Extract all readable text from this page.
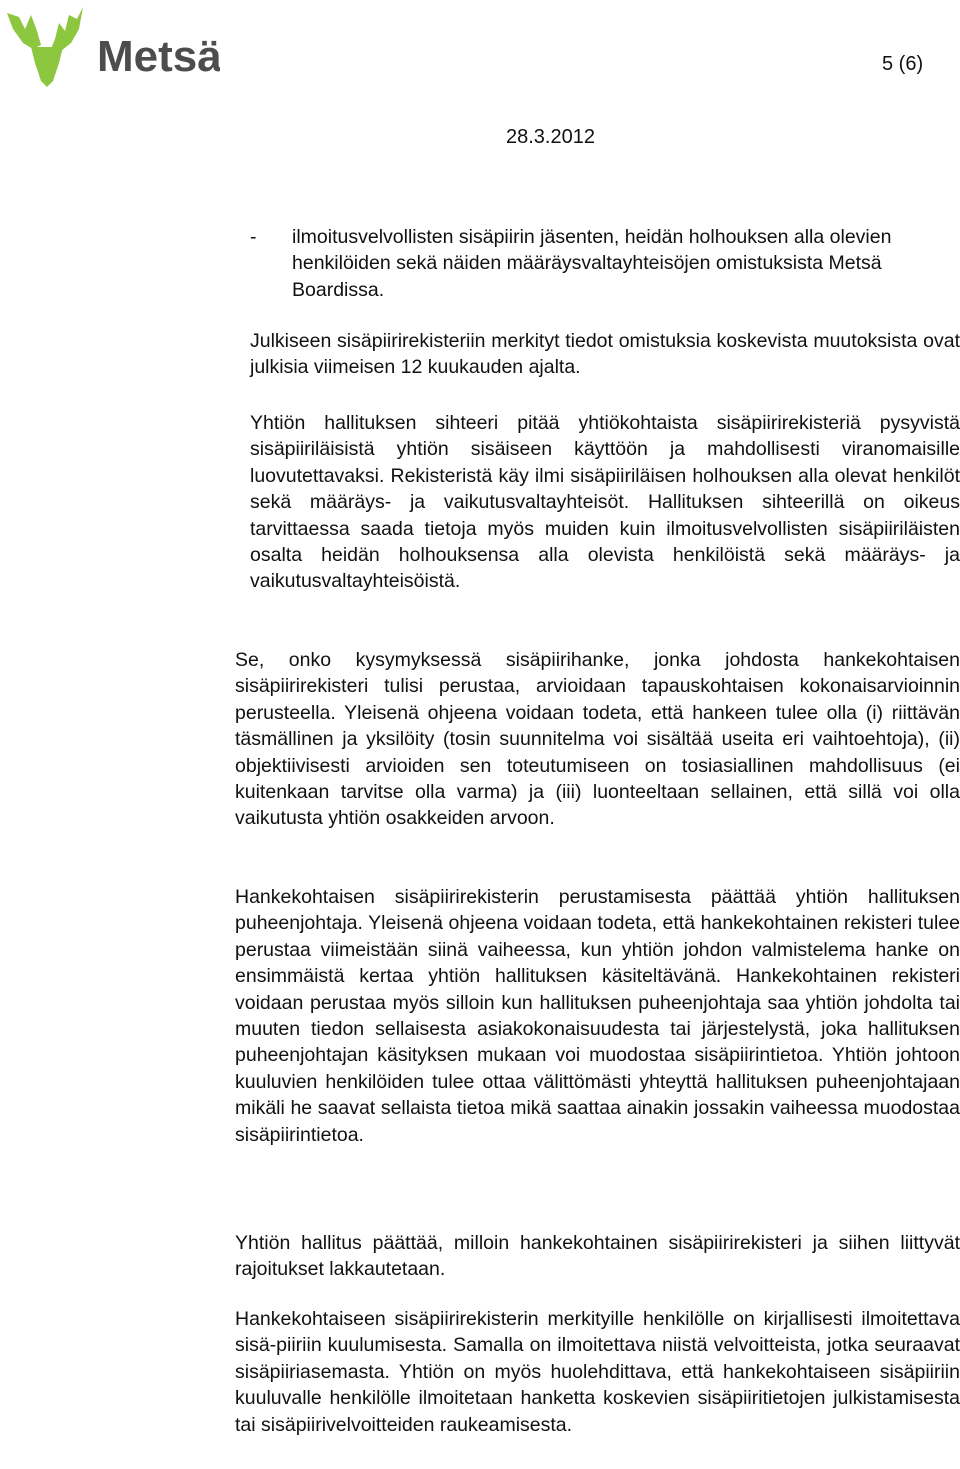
Metsä	5 (6)
28.3.2012
- ilmoitusvelvollisten sisäpiirin jäsenten, heidän holhouksen alla olevien henkilöiden sekä näiden määräysvaltayhteisöjen omistuksista Metsä Boardissa.

Julkiseen sisäpiirirekisteriin merkityt tiedot omistuksia koskevista muutoksista ovat julkisia viimeisen 12 kuukauden ajalta.

Yhtiön hallituksen sihteeri pitää yhtiökohtaista sisäpiirirekisteriä pysyvistä sisäpiiriläisistä yhtiön sisäiseen käyttöön ja mahdollisesti viranomaisille luovutettavaksi. Rekisteristä käy ilmi sisäpiiriläisen holhouksen alla olevat henkilöt sekä määräys- ja vaikutusvaltayhteisöt. Hallituksen sihteerillä on oikeus tarvittaessa saada tietoja myös muiden kuin ilmoitusvelvollisten sisäpiiriläisten osalta heidän holhouksensa alla olevista henkilöistä sekä määräys- ja vaikutusvaltayhteisöistä.

Se, onko kysymyksessä sisäpiirihanke, jonka johdosta hankekohtaisen sisäpiirirekisteri tulisi perustaa, arvioidaan tapauskohtaisen kokonaisarvioinnin perusteella. Yleisenä ohjeena voidaan todeta, että hankeen tulee olla (i) riittävän täsmällinen ja yksilöity (tosin suunnitelma voi sisältää useita eri vaihtoehtoja), (ii) objektiivisesti arvioiden sen toteutumiseen on tosiasiallinen mahdollisuus (ei kuitenkaan tarvitse olla varma) ja (iii) luonteeltaan sellainen, että sillä voi olla vaikutusta yhtiön osakkeiden arvoon.

Hankekohtaisen sisäpiirirekisterin perustamisesta päättää yhtiön hallituksen puheenjohtaja. Yleisenä ohjeena voidaan todeta, että hankekohtainen rekisteri tulee perustaa viimeistään siinä vaiheessa, kun yhtiön johdon valmistelema hanke on ensimmäistä kertaa yhtiön hallituksen käsiteltävänä. Hankekohtainen rekisteri voidaan perustaa myös silloin kun hallituksen puheenjohtaja saa yhtiön johdolta tai muuten tiedon sellaisesta asiakokonaisuudesta tai järjestelystä, joka hallituksen puheenjohtajan käsityksen mukaan voi muodostaa sisäpiirintietoa. Yhtiön johtoon kuuluvien henkilöiden tulee ottaa välittömästi yhteyttä hallituksen puheenjohtajaan mikäli he saavat sellaista tietoa mikä saattaa ainakin jossakin vaiheessa muodostaa sisäpiirintietoa.

Yhtiön hallitus päättää, milloin hankekohtainen sisäpiirirekisteri ja siihen liittyvät rajoitukset lakkautetaan.

Hankekohtaiseen sisäpiirirekisterin merkityille henkilölle on kirjallisesti ilmoitettava sisä-piiriin kuulumisesta. Samalla on ilmoitettava niistä velvoitteista, jotka seuraavat sisäpiiriasemasta. Yhtiön on myös huolehdittava, että hankekohtaiseen sisäpiiriin kuuluvalle henkilölle ilmoitetaan hanketta koskevien sisäpiiritietojen julkistamisesta tai sisäpiirivelvoitteiden raukeamisesta.
